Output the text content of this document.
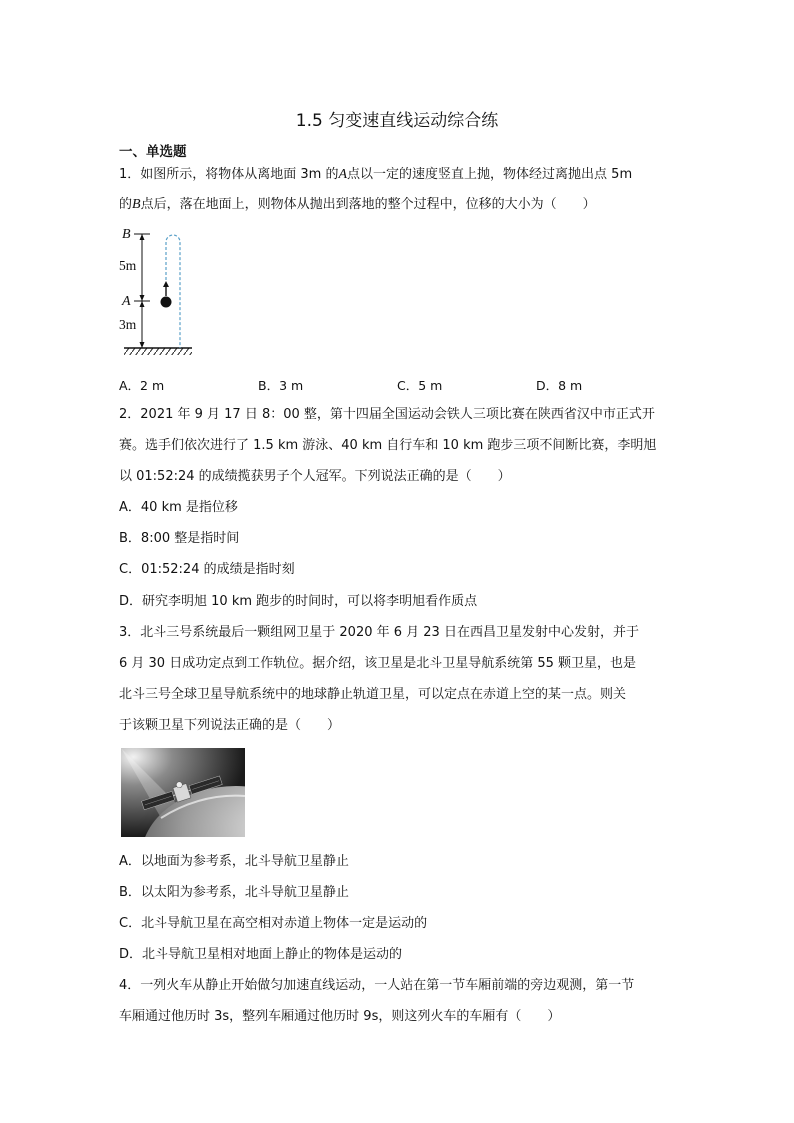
1.5 匀变速直线运动综合练
一、单选题
1．如图所示，将物体从离地面 3m 的A点以一定的速度竖直上抛，物体经过离抛出点 5m
的B点后，落在地面上，则物体从抛出到落地的整个过程中，位移的大小为（　　）
B
5m
A
3m
A．2 m	B．3 m	C．5 m	D．8 m
2．2021 年 9 月 17 日 8：00 整，第十四届全国运动会铁人三项比赛在陕西省汉中市正式开
赛。选手们依次进行了 1.5 km 游泳、40 km 自行车和 10 km 跑步三项不间断比赛，李明旭
以 01:52:24 的成绩揽获男子个人冠军。下列说法正确的是（　　）
A．40 km 是指位移
B．8:00 整是指时间
C．01:52:24 的成绩是指时刻
D．研究李明旭 10 km 跑步的时间时，可以将李明旭看作质点
3．北斗三号系统最后一颗组网卫星于 2020 年 6 月 23 日在西昌卫星发射中心发射，并于
6 月 30 日成功定点到工作轨位。据介绍，该卫星是北斗卫星导航系统第 55 颗卫星，也是
北斗三号全球卫星导航系统中的地球静止轨道卫星，可以定点在赤道上空的某一点。则关
于该颗卫星下列说法正确的是（　　）
A．以地面为参考系，北斗导航卫星静止
B．以太阳为参考系，北斗导航卫星静止
C．北斗导航卫星在高空相对赤道上物体一定是运动的
D．北斗导航卫星相对地面上静止的物体是运动的
4．一列火车从静止开始做匀加速直线运动，一人站在第一节车厢前端的旁边观测，第一节
车厢通过他历时 3s，整列车厢通过他历时 9s，则这列火车的车厢有（　　）
